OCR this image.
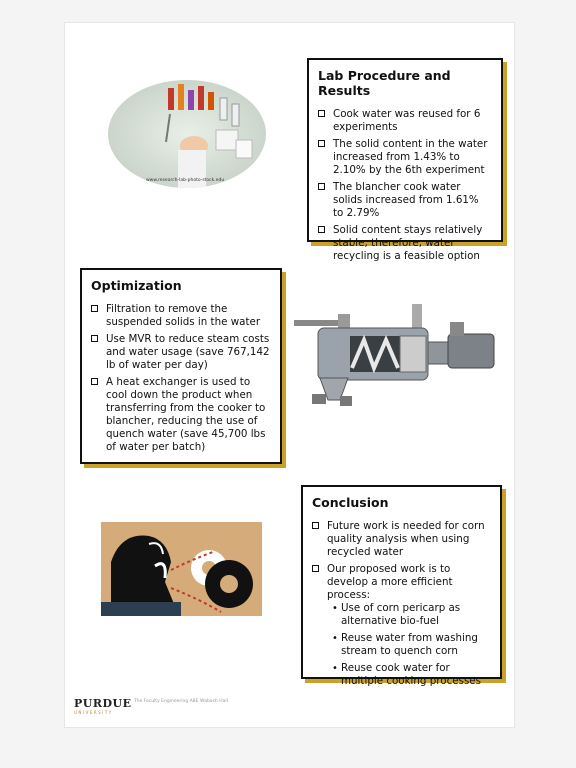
www.research-lab-photo-stock.edu
Lab Procedure and Results
Cook water was reused for 6 experiments
The solid content in the water increased from 1.43% to 2.10% by the 6th experiment
The blancher cook water solids increased from 1.61% to 2.79%
Solid content stays relatively stable; therefore, water recycling is a feasible option
Optimization
Filtration to remove the suspended solids in the water
Use MVR to reduce steam costs and water usage (save 767,142 lb of water per day)
A heat exchanger is used to cool down the product when transferring from the cooker to blancher, reducing the use of quench water (save 45,700 lbs of water per batch)
Conclusion
Future work is needed for corn quality analysis when using recycled water
Our proposed work is to develop a more efficient process:
• Use of corn pericarp as alternative bio-fuel
• Reuse water from washing stream to quench corn
• Reuse cook water for multiple cooking processes
PURDUE
UNIVERSITY
The Faculty Engineering ABE Wabash Hall
